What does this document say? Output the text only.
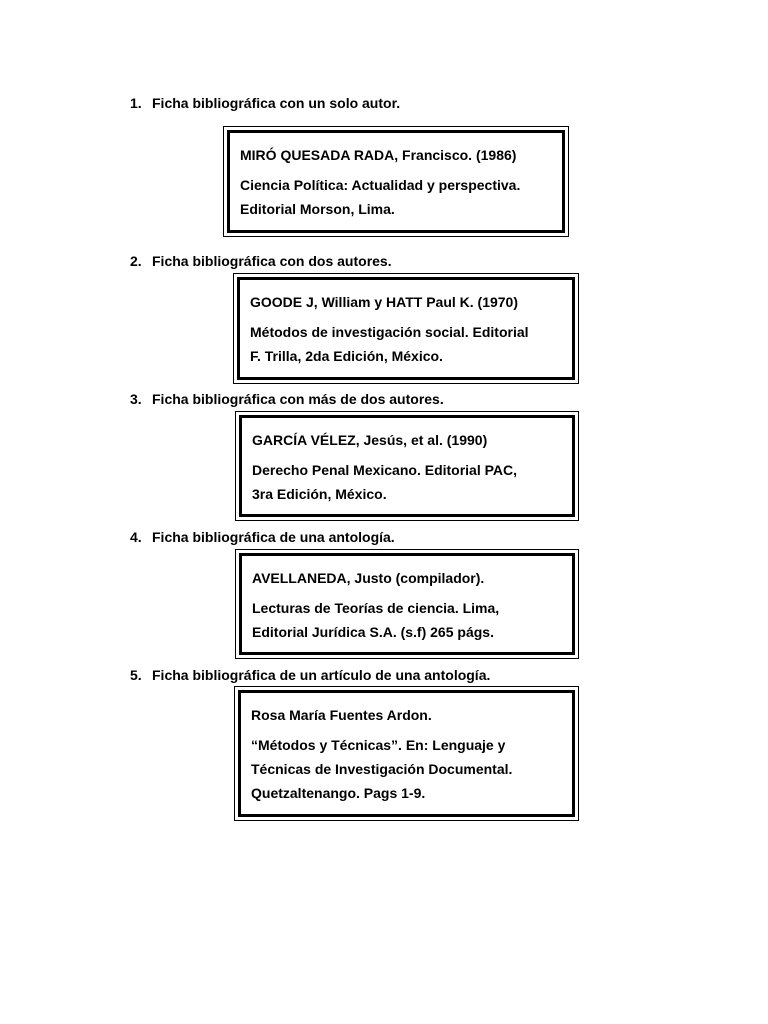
1. Ficha bibliográfica con un solo autor.
MIRÓ QUESADA RADA, Francisco. (1986)
Ciencia Política: Actualidad y perspectiva.
Editorial Morson, Lima.
2. Ficha bibliográfica con dos autores.
GOODE J, William y HATT Paul K. (1970)
Métodos de investigación social. Editorial
F. Trilla, 2da Edición, México.
3. Ficha bibliográfica con más de dos autores.
GARCÍA VÉLEZ, Jesús, et al. (1990)
Derecho Penal Mexicano. Editorial PAC,
3ra Edición, México.
4. Ficha bibliográfica de una antología.
AVELLANEDA, Justo (compilador).
Lecturas de Teorías de ciencia. Lima,
Editorial Jurídica S.A. (s.f) 265 págs.
5. Ficha bibliográfica de un artículo de una antología.
Rosa María Fuentes Ardon.
“Métodos y Técnicas”. En: Lenguaje y
Técnicas de Investigación Documental.
Quetzaltenango. Pags 1-9.
